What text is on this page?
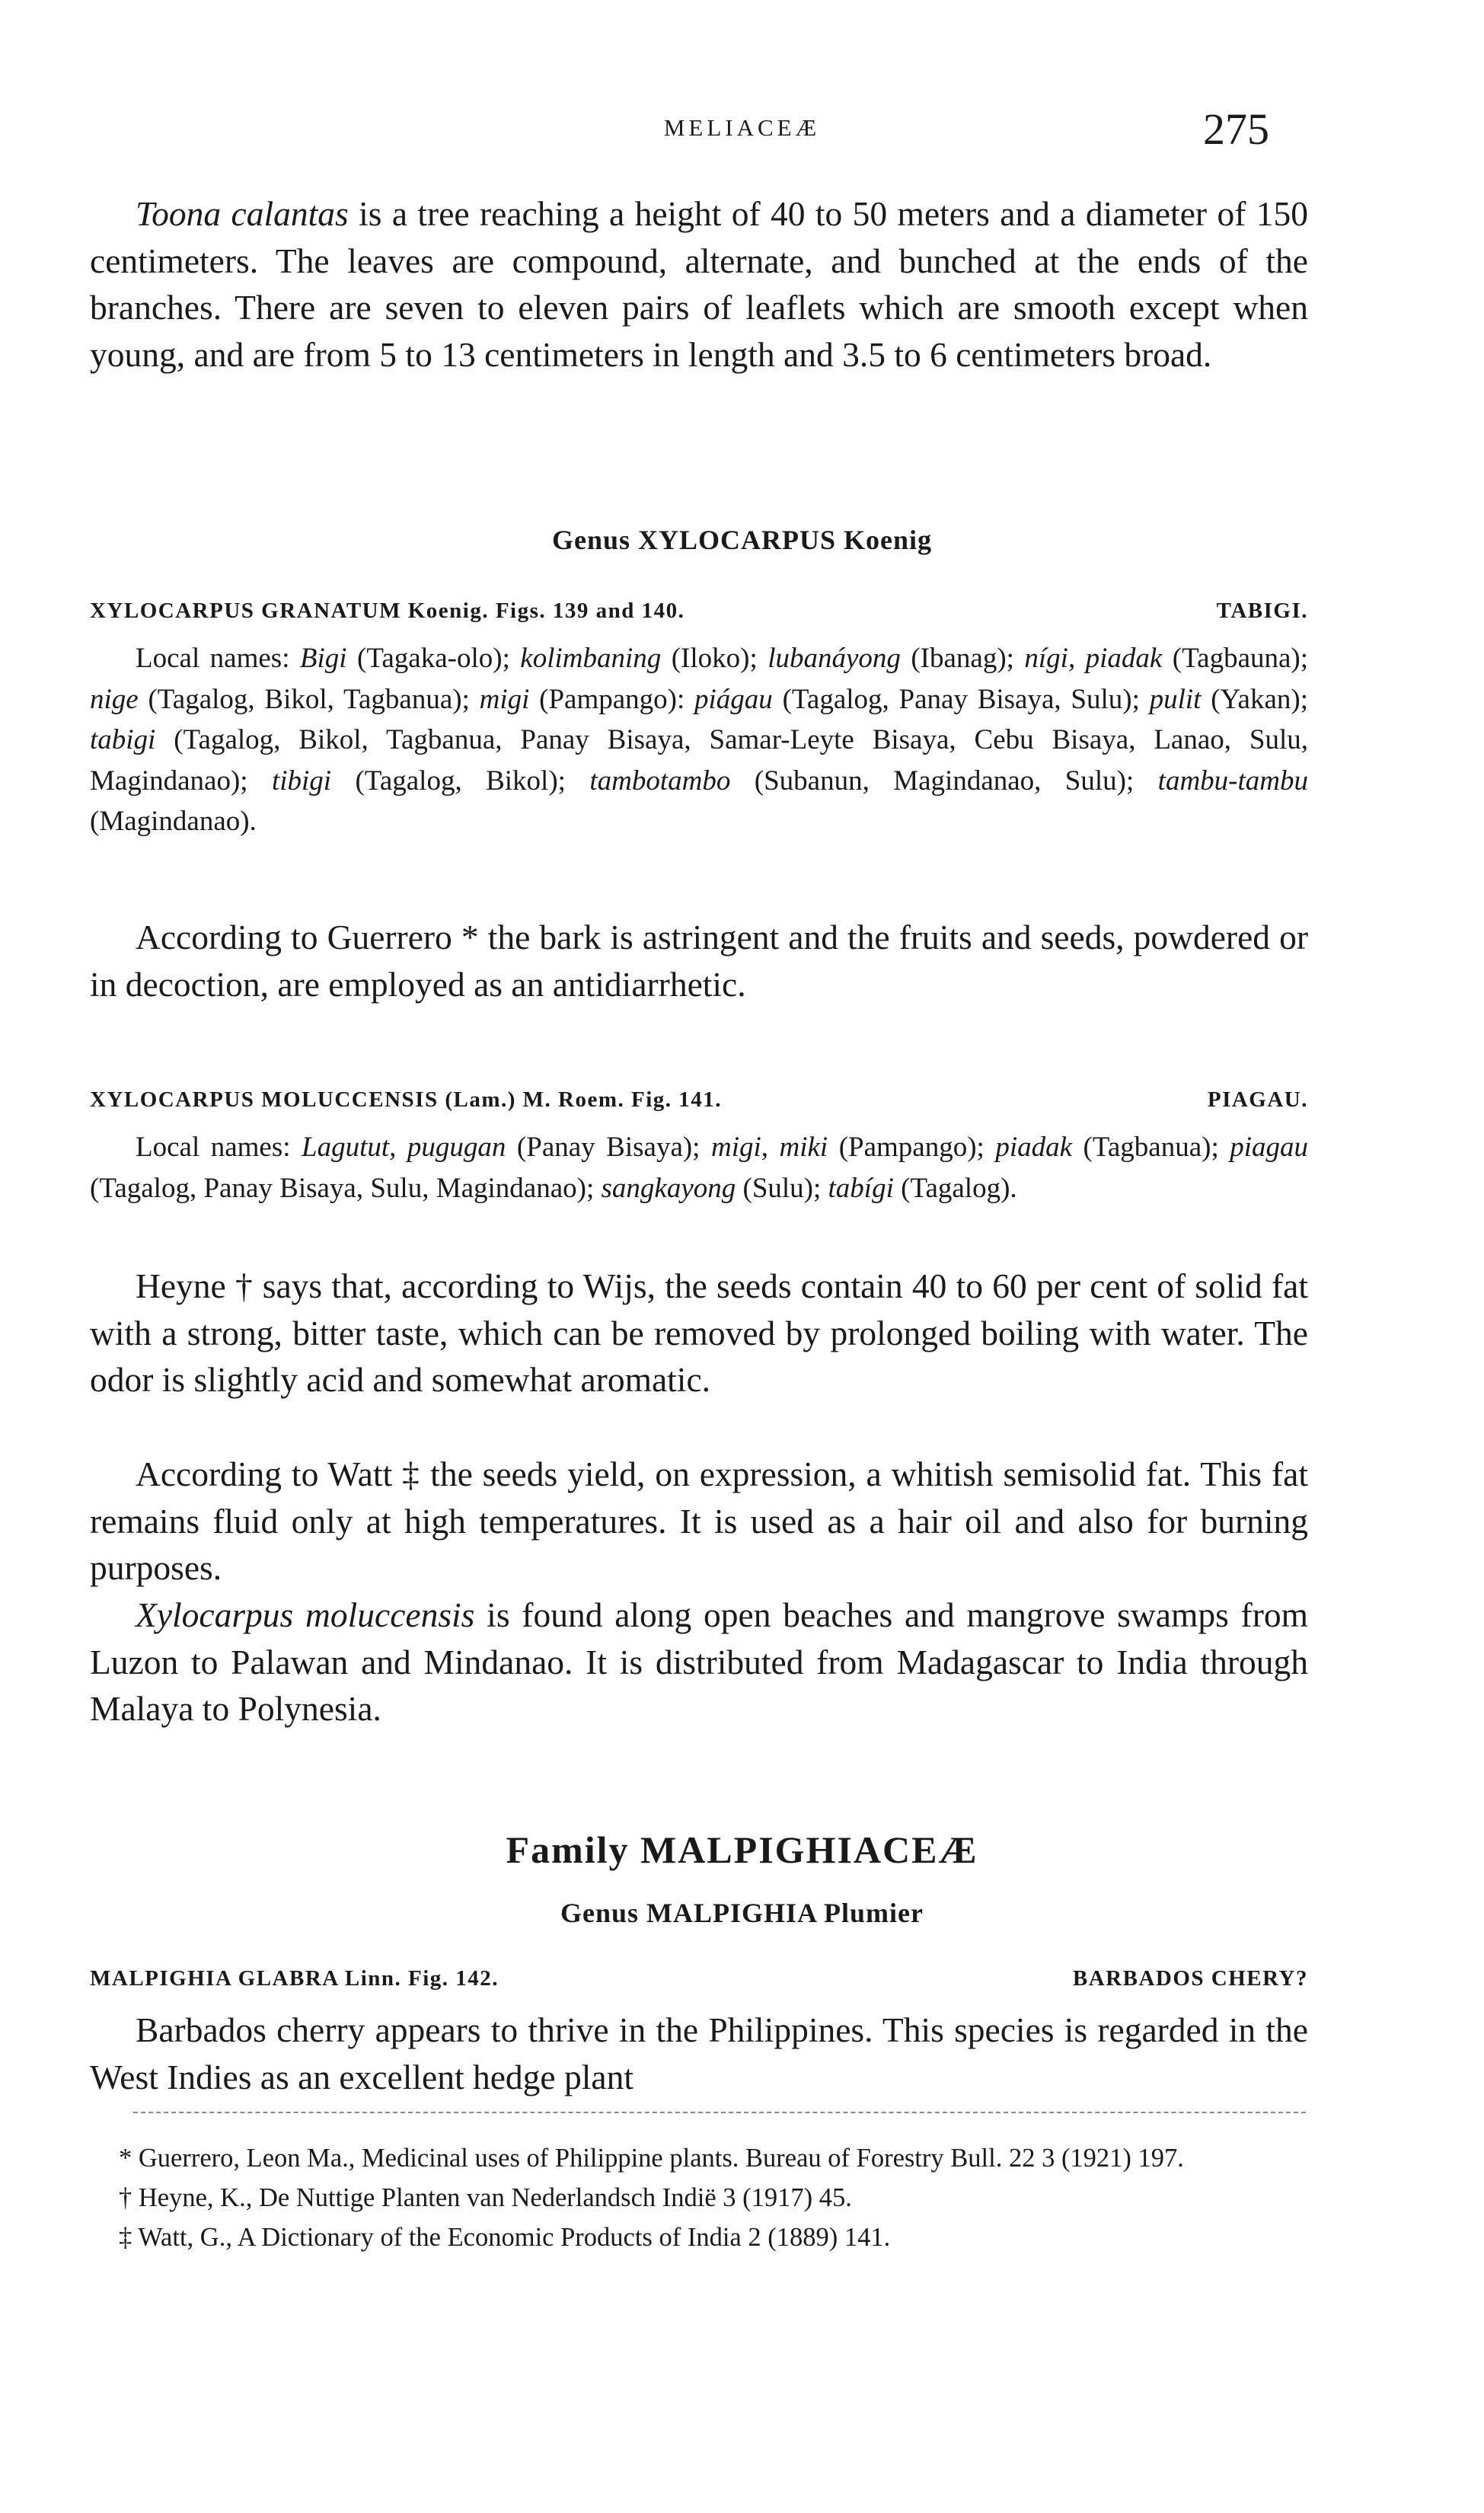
MELIACEÆ	275

Toona calantas is a tree reaching a height of 40 to 50 meters and a diameter of 150 centimeters. The leaves are compound, alternate, and bunched at the ends of the branches. There are seven to eleven pairs of leaflets which are smooth except when young, and are from 5 to 13 centimeters in length and 3.5 to 6 centimeters broad.

Genus XYLOCARPUS Koenig
XYLOCARPUS GRANATUM Koenig. Figs. 139 and 140.	TABIGI.

Local names: Bigi (Tagaka-olo); kolimbaning (Iloko); lubanáyong (Ibanag); nígi, piadak (Tagbauna); nige (Tagalog, Bikol, Tagbanua); migi (Pampango): piágau (Tagalog, Panay Bisaya, Sulu); pulit (Yakan); tabigi (Tagalog, Bikol, Tagbanua, Panay Bisaya, Samar-Leyte Bisaya, Cebu Bisaya, Lanao, Sulu, Magindanao); tibigi (Tagalog, Bikol); tambotambo (Subanun, Magindanao, Sulu); tambu-tambu (Magindanao).

According to Guerrero * the bark is astringent and the fruits and seeds, powdered or in decoction, are employed as an antidiarrhetic.

XYLOCARPUS MOLUCCENSIS (Lam.) M. Roem. Fig. 141.	PIAGAU.

Local names: Lagutut, pugugan (Panay Bisaya); migi, miki (Pampango); piadak (Tagbanua); piagau (Tagalog, Panay Bisaya, Sulu, Magindanao); sangkayong (Sulu); tabígi (Tagalog).

Heyne † says that, according to Wijs, the seeds contain 40 to 60 per cent of solid fat with a strong, bitter taste, which can be removed by prolonged boiling with water. The odor is slightly acid and somewhat aromatic.

According to Watt ‡ the seeds yield, on expression, a whitish semisolid fat. This fat remains fluid only at high temperatures. It is used as a hair oil and also for burning purposes.

Xylocarpus moluccensis is found along open beaches and mangrove swamps from Luzon to Palawan and Mindanao. It is distributed from Madagascar to India through Malaya to Polynesia.

Family MALPIGHIACEÆ
Genus MALPIGHIA Plumier
MALPIGHIA GLABRA Linn. Fig. 142.	BARBADOS CHERY?

Barbados cherry appears to thrive in the Philippines. This species is regarded in the West Indies as an excellent hedge plant

* Guerrero, Leon Ma., Medicinal uses of Philippine plants. Bureau of Forestry Bull. 22 3 (1921) 197.
† Heyne, K., De Nuttige Planten van Nederlandsch Indië 3 (1917) 45.
‡ Watt, G., A Dictionary of the Economic Products of India 2 (1889) 141.
